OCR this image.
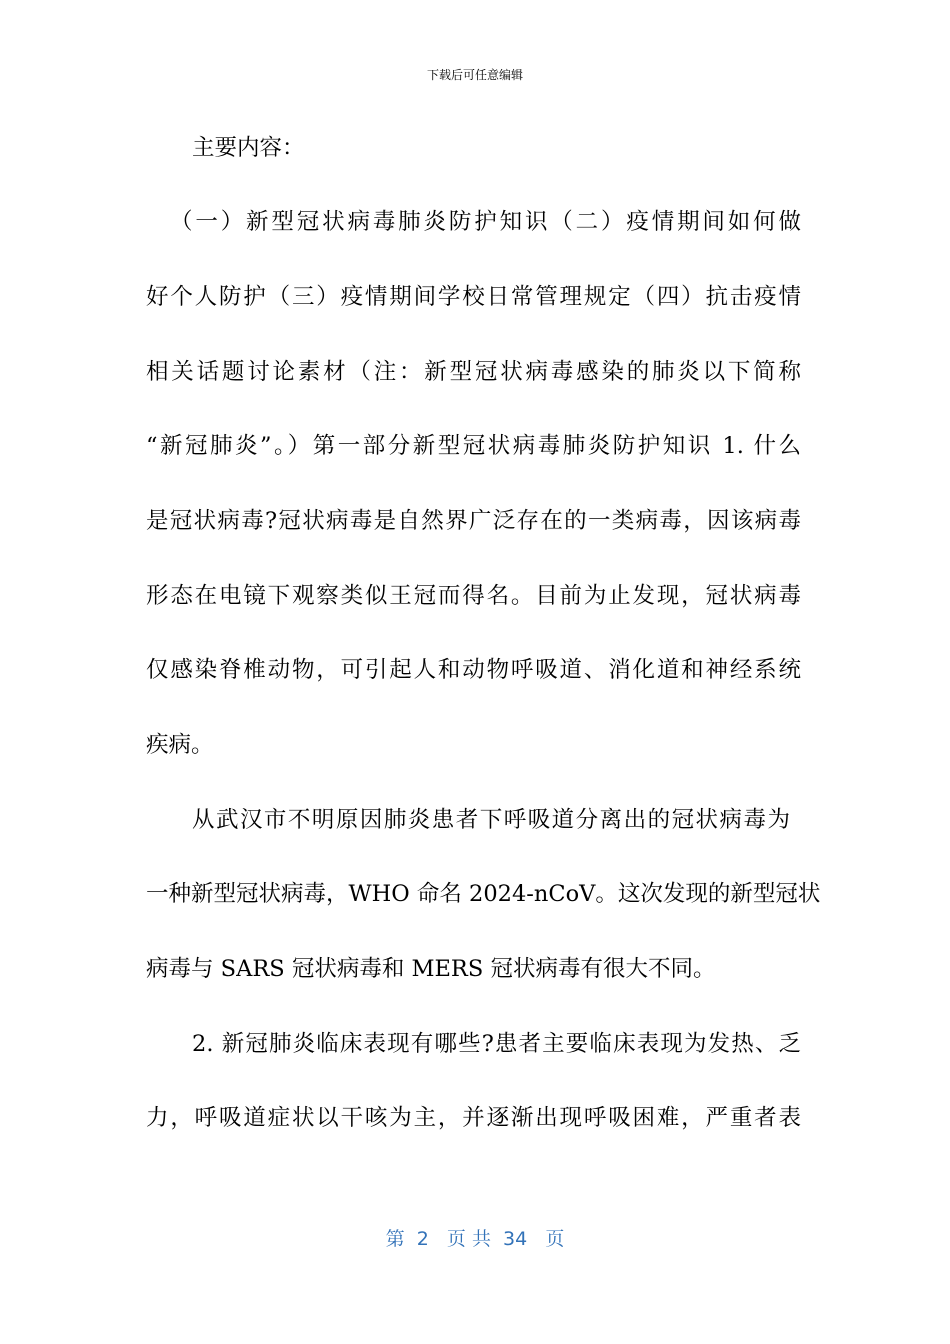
下载后可任意编辑
主要内容：
（一）新型冠状病毒肺炎防护知识（二）疫情期间如何做
好个人防护（三）疫情期间学校日常管理规定（四）抗击疫情
相关话题讨论素材（注：新型冠状病毒感染的肺炎以下简称
“新冠肺炎”。）第一部分新型冠状病毒肺炎防护知识 1. 什么
是冠状病毒?冠状病毒是自然界广泛存在的一类病毒，因该病毒
形态在电镜下观察类似王冠而得名。目前为止发现，冠状病毒
仅感染脊椎动物，可引起人和动物呼吸道、消化道和神经系统
疾病。
从武汉市不明原因肺炎患者下呼吸道分离出的冠状病毒为
一种新型冠状病毒，WHO 命名 2024-nCoV。这次发现的新型冠状
病毒与 SARS 冠状病毒和 MERS 冠状病毒有很大不同。
2. 新冠肺炎临床表现有哪些?患者主要临床表现为发热、乏
力，呼吸道症状以干咳为主，并逐渐出现呼吸困难，严重者表
第  2   页 共  34   页
